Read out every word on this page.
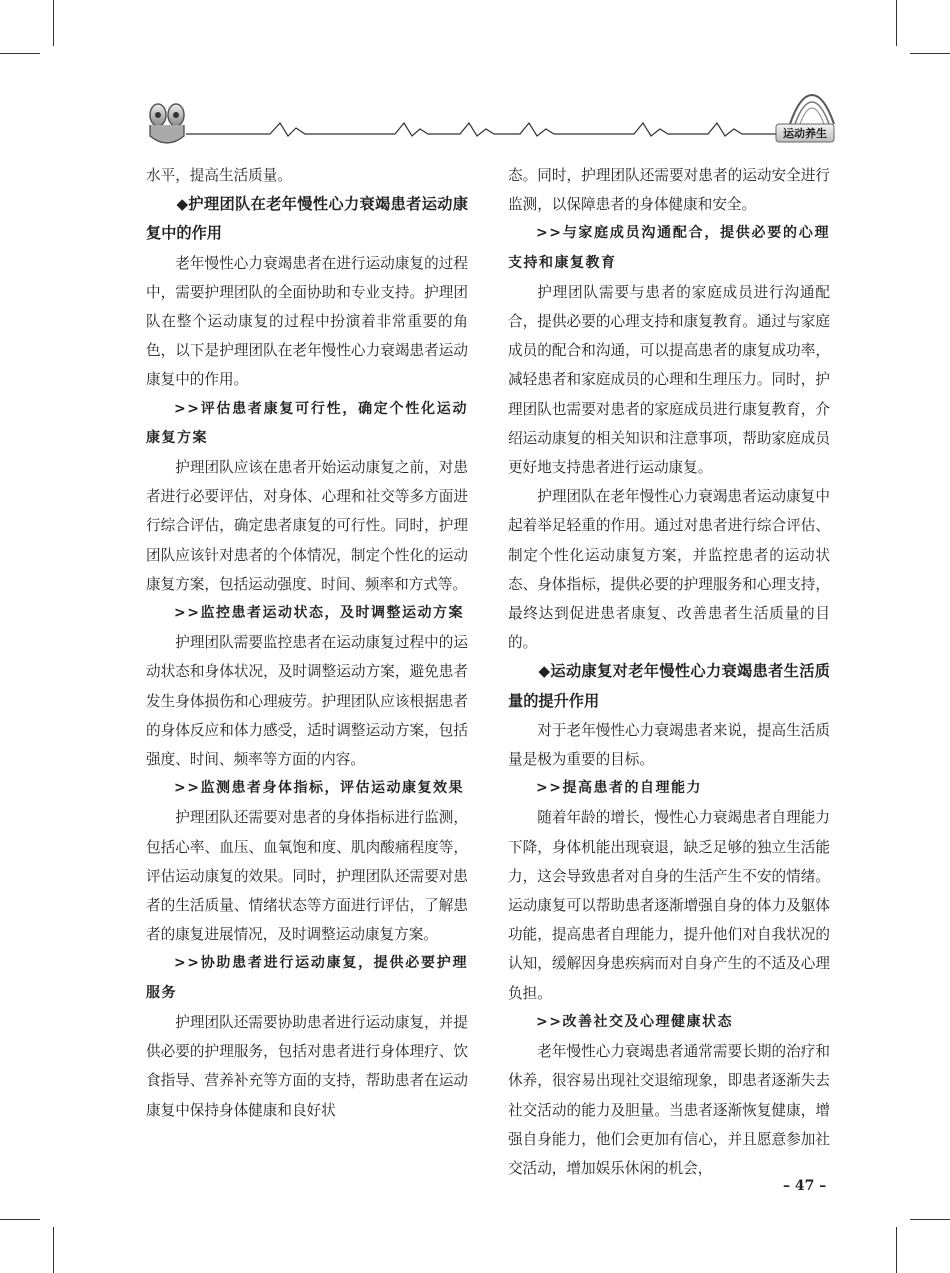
运动养生

水平，提高生活质量。

◆护理团队在老年慢性心力衰竭患者运动康复中的作用

老年慢性心力衰竭患者在进行运动康复的过程中，需要护理团队的全面协助和专业支持。护理团队在整个运动康复的过程中扮演着非常重要的角色，以下是护理团队在老年慢性心力衰竭患者运动康复中的作用。

>>评估患者康复可行性，确定个性化运动康复方案

护理团队应该在患者开始运动康复之前，对患者进行必要评估，对身体、心理和社交等多方面进行综合评估，确定患者康复的可行性。同时，护理团队应该针对患者的个体情况，制定个性化的运动康复方案，包括运动强度、时间、频率和方式等。

>>监控患者运动状态，及时调整运动方案

护理团队需要监控患者在运动康复过程中的运动状态和身体状况，及时调整运动方案，避免患者发生身体损伤和心理疲劳。护理团队应该根据患者的身体反应和体力感受，适时调整运动方案，包括强度、时间、频率等方面的内容。

>>监测患者身体指标，评估运动康复效果

护理团队还需要对患者的身体指标进行监测，包括心率、血压、血氧饱和度、肌肉酸痛程度等，评估运动康复的效果。同时，护理团队还需要对患者的生活质量、情绪状态等方面进行评估，了解患者的康复进展情况，及时调整运动康复方案。

>>协助患者进行运动康复，提供必要护理服务

护理团队还需要协助患者进行运动康复，并提供必要的护理服务，包括对患者进行身体理疗、饮食指导、营养补充等方面的支持，帮助患者在运动康复中保持身体健康和良好状

态。同时，护理团队还需要对患者的运动安全进行监测，以保障患者的身体健康和安全。

>>与家庭成员沟通配合，提供必要的心理支持和康复教育

护理团队需要与患者的家庭成员进行沟通配合，提供必要的心理支持和康复教育。通过与家庭成员的配合和沟通，可以提高患者的康复成功率，减轻患者和家庭成员的心理和生理压力。同时，护理团队也需要对患者的家庭成员进行康复教育，介绍运动康复的相关知识和注意事项，帮助家庭成员更好地支持患者进行运动康复。

护理团队在老年慢性心力衰竭患者运动康复中起着举足轻重的作用。通过对患者进行综合评估、制定个性化运动康复方案，并监控患者的运动状态、身体指标，提供必要的护理服务和心理支持，最终达到促进患者康复、改善患者生活质量的目的。

◆运动康复对老年慢性心力衰竭患者生活质量的提升作用

对于老年慢性心力衰竭患者来说，提高生活质量是极为重要的目标。

>>提高患者的自理能力

随着年龄的增长，慢性心力衰竭患者自理能力下降，身体机能出现衰退，缺乏足够的独立生活能力，这会导致患者对自身的生活产生不安的情绪。运动康复可以帮助患者逐渐增强自身的体力及躯体功能，提高患者自理能力，提升他们对自我状况的认知，缓解因身患疾病而对自身产生的不适及心理负担。

>>改善社交及心理健康状态

老年慢性心力衰竭患者通常需要长期的治疗和休养，很容易出现社交退缩现象，即患者逐渐失去社交活动的能力及胆量。当患者逐渐恢复健康，增强自身能力，他们会更加有信心，并且愿意参加社交活动，增加娱乐休闲的机会，

– 47 –
